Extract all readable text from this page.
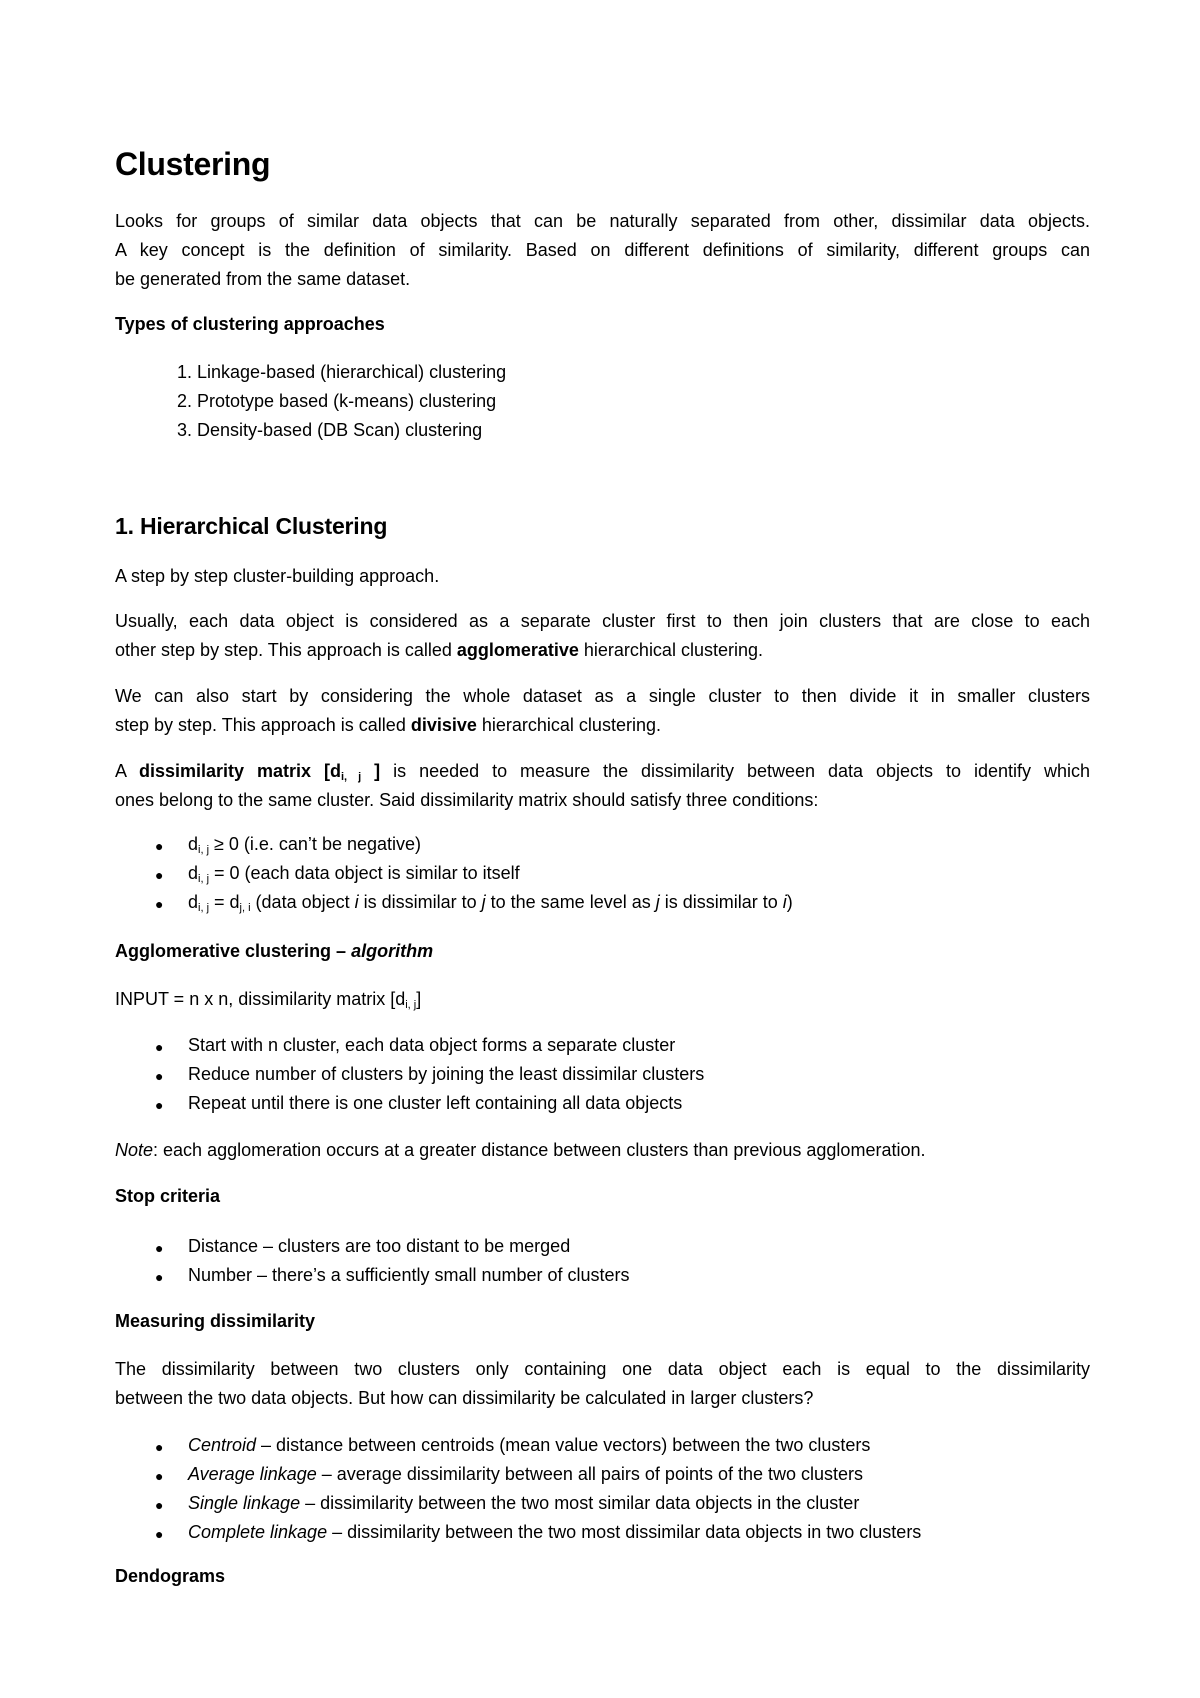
Clustering
Looks for groups of similar data objects that can be naturally separated from other, dissimilar data objects.
A key concept is the definition of similarity. Based on different definitions of similarity, different groups can
be generated from the same dataset.
Types of clustering approaches
1. Linkage-based (hierarchical) clustering
2. Prototype based (k-means) clustering
3. Density-based (DB Scan) clustering
1. Hierarchical Clustering
A step by step cluster-building approach.
Usually, each data object is considered as a separate cluster first to then join clusters that are close to each
other step by step. This approach is called agglomerative hierarchical clustering.
We can also start by considering the whole dataset as a single cluster to then divide it in smaller clusters
step by step. This approach is called divisive hierarchical clustering.
A dissimilarity matrix [$d_{i, j}$ ] is needed to measure the dissimilarity between data objects to identify which
ones belong to the same cluster. Said dissimilarity matrix should satisfy three conditions:
● $d_{i, j} \ge 0$ (i.e. can’t be negative)
● $d_{i, j} = 0$ (each data object is similar to itself
● $d_{i, j} = d_{j, i}$ (data object i is dissimilar to j to the same level as j is dissimilar to i)
Agglomerative clustering – algorithm
INPUT = n x n, dissimilarity matrix $[d_{i, j}]$
● Start with n cluster, each data object forms a separate cluster
● Reduce number of clusters by joining the least dissimilar clusters
● Repeat until there is one cluster left containing all data objects
Note: each agglomeration occurs at a greater distance between clusters than previous agglomeration.
Stop criteria
● Distance – clusters are too distant to be merged
● Number – there’s a sufficiently small number of clusters
Measuring dissimilarity
The dissimilarity between two clusters only containing one data object each is equal to the dissimilarity
between the two data objects. But how can dissimilarity be calculated in larger clusters?
● Centroid – distance between centroids (mean value vectors) between the two clusters
● Average linkage – average dissimilarity between all pairs of points of the two clusters
● Single linkage – dissimilarity between the two most similar data objects in the cluster
● Complete linkage – dissimilarity between the two most dissimilar data objects in two clusters
Dendograms
